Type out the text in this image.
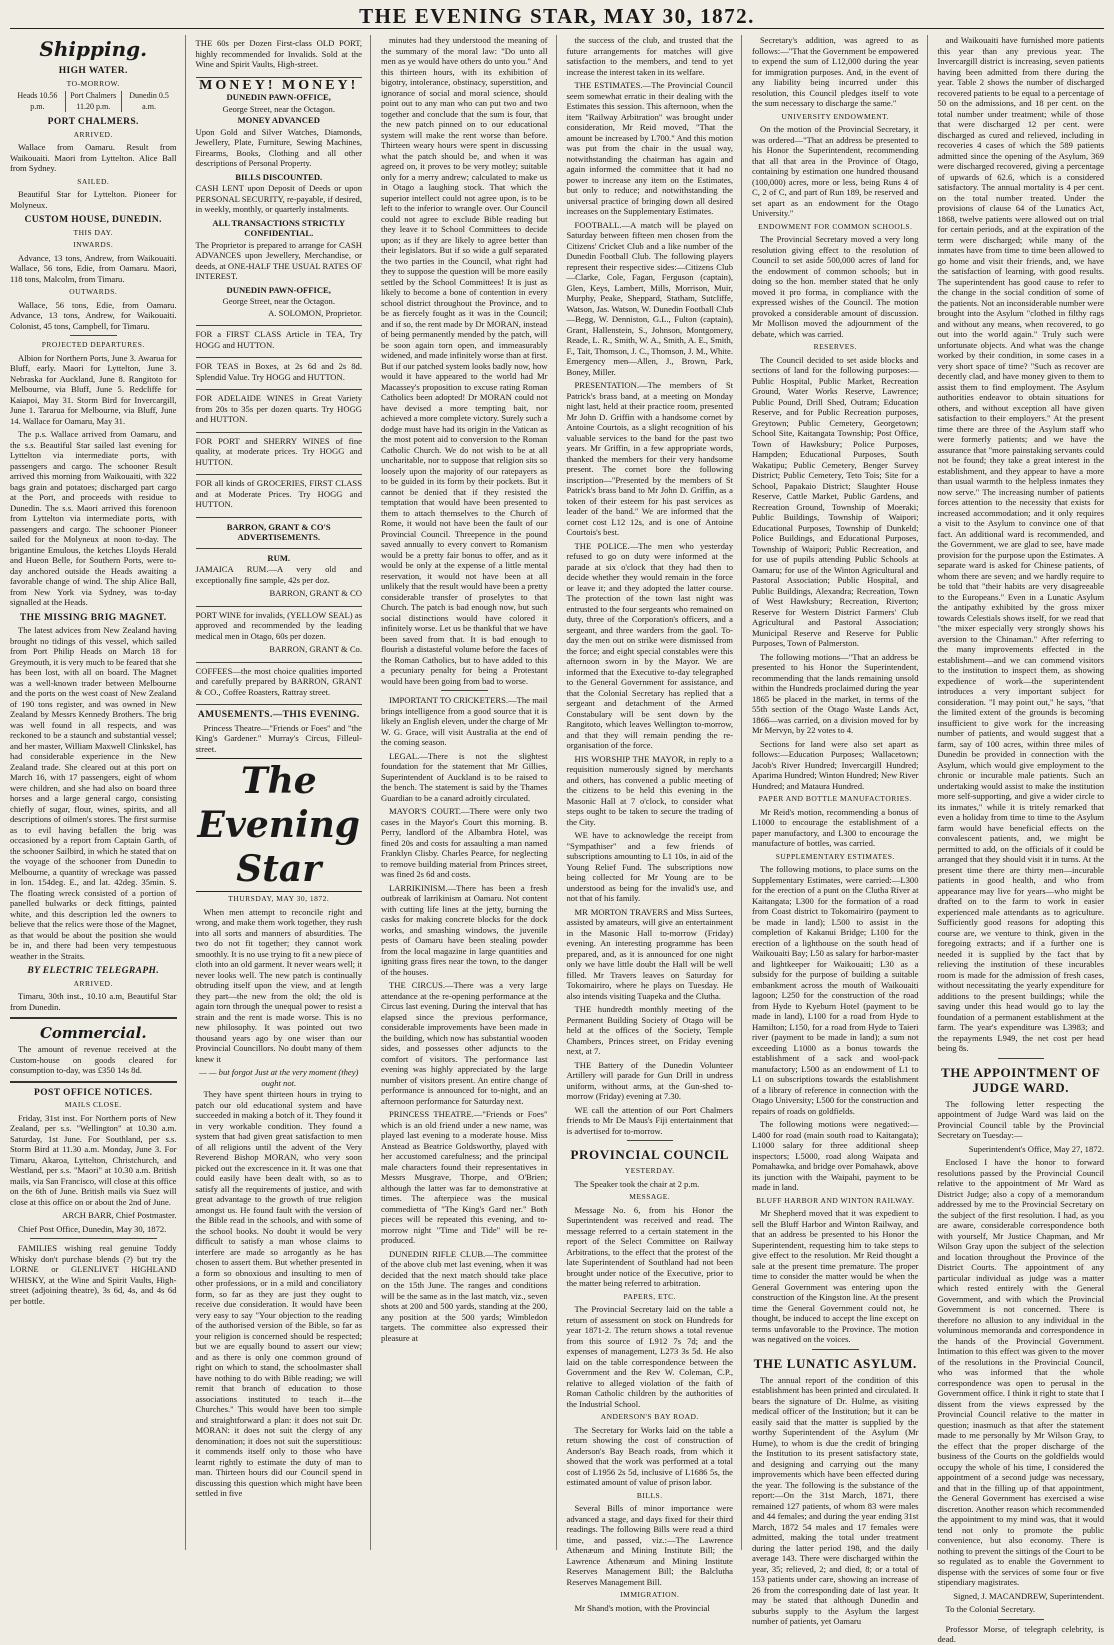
THE EVENING STAR, MAY 30, 1872.
Shipping.
HIGH WATER.
TO-MORROW.
Heads 10.56 p.m.
Port Chalmers 11.20 p.m.
Dunedin 0.5 a.m.
PORT CHALMERS.
ARRIVED.

Wallace from Oamaru. Result from Waikouaiti. Maori from Lyttelton. Alice Ball from Sydney.

SAILED.

Beautiful Star for Lyttelton. Pioneer for Molyneux.

CUSTOM HOUSE, DUNEDIN.
THIS DAY.
INWARDS.

Advance, 13 tons, Andrew, from Waikouaiti. Wallace, 56 tons, Edie, from Oamaru. Maori, 118 tons, Malcolm, from Timaru.

OUTWARDS.

Wallace, 56 tons, Edie, from Oamaru. Advance, 13 tons, Andrew, for Waikouaiti. Colonist, 45 tons, Campbell, for Timaru.

PROJECTED DEPARTURES.

Albion for Northern Ports, June 3. Awarua for Bluff, early. Maori for Lyttelton, June 3. Nebraska for Auckland, June 8. Rangitoto for Melbourne, via Bluff, June 5. Redcliffe for Kaiapoi, May 31. Storm Bird for Invercargill, June 1. Tararua for Melbourne, via Bluff, June 14. Wallace for Oamaru, May 31.

The p.s. Wallace arrived from Oamaru, and the s.s. Beautiful Star sailed last evening for Lyttelton via intermediate ports, with passengers and cargo. The schooner Result arrived this morning from Waikouaiti, with 322 bags grain and potatoes; discharged part cargo at the Port, and proceeds with residue to Dunedin. The s.s. Maori arrived this forenoon from Lyttelton via intermediate ports, with passengers and cargo. The schooner Pioneer sailed for the Molyneux at noon to-day. The brigantine Emulous, the ketches Lloyds Herald and Hueon Belle, for Southern Ports, were to-day anchored outside the Heads awaiting a favorable change of wind. The ship Alice Ball, from New York via Sydney, was to-day signalled at the Heads.

THE MISSING BRIG MAGNET.

The latest advices from New Zealand having brought no tidings of this vessel, which sailed from Port Philip Heads on March 18 for Greymouth, it is very much to be feared that she has been lost, with all on board. The Magnet was a well-known trader between Melbourne and the ports on the west coast of New Zealand of 190 tons register, and was owned in New Zealand by Messrs Kennedy Brothers. The brig was well found in all respects, and was reckoned to be a staunch and substantial vessel; and her master, William Maxwell Clinkskel, has had considerable experience in the New Zealand trade. She cleared out at this port on March 16, with 17 passengers, eight of whom were children, and she had also on board three horses and a large general cargo, consisting chiefly of sugar, flour, wines, spirits, and all descriptions of oilmen's stores. The first surmise as to evil having befallen the brig was occasioned by a report from Captain Garth, of the schooner Sailbird, in which he stated that on the voyage of the schooner from Dunedin to Melbourne, a quantity of wreckage was passed in lon. 154deg. E., and lat. 42deg. 35min. S. The floating wreck consisted of a portion of panelled bulwarks or deck fittings, painted white, and this description led the owners to believe that the relics were those of the Magnet, as that would be about the position she would be in, and there had been very tempestuous weather in the Straits.

BY ELECTRIC TELEGRAPH.
ARRIVED.

Timaru, 30th inst., 10.10 a.m, Beautiful Star from Dunedin.

Commercial.

The amount of revenue received at the Custom-house on goods cleared for consumption to-day, was £350 14s 8d.

POST OFFICE NOTICES.
MAILS CLOSE.

Friday, 31st inst. For Northern ports of New Zealand, per s.s. "Wellington" at 10.30 a.m. Saturday, 1st June. For Southland, per s.s. Storm Bird at 11.30 a.m. Monday, June 3. For Timaru, Akaroa, Lyttelton, Christchurch, and Westland, per s.s. "Maori" at 10.30 a.m. British mails, via San Francisco, will close at this office on the 6th of June. British mails via Suez will close at this office on or about the 2nd of June.

ARCH BARR, Chief Postmaster.

Chief Post Office, Dunedin, May 30, 1872.

FAMILIES wishing real genuine Toddy Whisky don't purchase blends (?) but try the LORNE or GLENLIVET HIGHLAND WHISKY, at the Wine and Spirit Vaults, High-street (adjoining theatre), 3s 6d, 4s, and 4s 6d per bottle.

THE 60s per Dozen First-class OLD PORT, highly recommended for Invalids. Sold at the Wine and Spirit Vaults, High-street.

MONEY! MONEY!

DUNEDIN PAWN-OFFICE,

George Street, near the Octagon.

MONEY ADVANCED

Upon Gold and Silver Watches, Diamonds, Jewellery, Plate, Furniture, Sewing Machines, Firearms, Books, Clothing and all other descriptions of Personal Property.

BILLS DISCOUNTED.

CASH LENT upon Deposit of Deeds or upon PERSONAL SECURITY, re-payable, if desired, in weekly, monthly, or quarterly instalments.

ALL TRANSACTIONS STRICTLY CONFIDENTIAL.

The Proprietor is prepared to arrange for CASH ADVANCES upon Jewellery, Merchandise, or deeds, at ONE-HALF THE USUAL RATES OF INTEREST.

DUNEDIN PAWN-OFFICE,

George Street, near the Octagon.

A. SOLOMON, Proprietor.

FOR a FIRST CLASS Article in TEA, Try HOGG and HUTTON.

FOR TEAS in Boxes, at 2s 6d and 2s 8d. Splendid Value. Try HOGG and HUTTON.

FOR ADELAIDE WINES in Great Variety from 20s to 35s per dozen quarts. Try HOGG and HUTTON.

FOR PORT and SHERRY WINES of fine quality, at moderate prices. Try HOGG and HUTTON.

FOR all kinds of GROCERIES, FIRST CLASS and at Moderate Prices. Try HOGG and HUTTON.

BARRON, GRANT & CO'S ADVERTISEMENTS.

RUM.

JAMAICA RUM.—A very old and exceptionally fine sample, 42s per doz.

BARRON, GRANT & CO

PORT WINE for invalids, (YELLOW SEAL) as approved and recommended by the leading medical men in Otago, 60s per dozen.

BARRON, GRANT & Co.

COFFEES—the most choice qualities imported and carefully prepared by BARRON, GRANT & CO., Coffee Roasters, Rattray street.

AMUSEMENTS.—THIS EVENING.

Princess Theatre—"Friends or Foes" and "the King's Gardener." Murray's Circus, Filleul-street.

The Evening Star
THURSDAY, MAY 30, 1872.

When men attempt to reconcile right and wrong, and make them work together, they rush into all sorts and manners of absurdities. The two do not fit together; they cannot work smoothly. It is no use trying to fit a new piece of cloth into an old garment. It never wears well; it never looks well. The new patch is continually obtruding itself upon the view, and at length they part—the new from the old; the old is again torn through the unequal power to resist a strain and the rent is made worse. This is no new philosophy. It was pointed out two thousand years ago by one wiser than our Provincial Councillors. No doubt many of them knew it

— — but forgot Just at the very moment (they) ought not.

They have spent thirteen hours in trying to patch our old educational system and have succeeded in making a botch of it. They found it in very workable condition. They found a system that had given great satisfaction to men of all religions until the advent of the Very Reverend Bishop MORAN, who very soon picked out the excrescence in it. It was one that could easily have been dealt with, so as to satisfy all the requirements of justice, and with great advantage to the growth of true religion amongst us. He found fault with the version of the Bible read in the schools, and with some of the school books. No doubt it would be very difficult to satisfy a man whose claims to interfere are made so arrogantly as he has chosen to assert them. But whether presented in a form so obnoxious and insulting to men of other professions, or in a mild and conciliatory form, so far as they are just they ought to receive due consideration. It would have been very easy to say "Your objection to the reading of the authorised version of the Bible, so far as your religion is concerned should be respected; but we are equally bound to assert our view; and as there is only one common ground of right on which to stand, the schoolmaster shall have nothing to do with Bible reading; we will remit that branch of education to those associations instituted to teach it—the Churches." This would have been too simple and straightforward a plan: it does not suit Dr. MORAN: it does not suit the clergy of any denomination; it does not suit the superstitious: it commends itself only to those who have learnt rightly to estimate the duty of man to man. Thirteen hours did our Council spend in discussing this question which might have been settled in five

minutes had they understood the meaning of the summary of the moral law: "Do unto all men as ye would have others do unto you." And this thirteen hours, with its exhibition of bigotry, intolerance, obstinacy, superstition, and ignorance of social and moral science, should point out to any man who can put two and two together and conclude that the sum is four, that the new patch pinned on to our educational system will make the rent worse than before. Thirteen weary hours were spent in discussing what the patch should be, and when it was agreed on, it proves to be very motley; suitable only for a merry andrew; calculated to make us in Otago a laughing stock. That which the superior intellect could not agree upon, is to be left to the inferior to wrangle over. Our Council could not agree to exclude Bible reading but they leave it to School Committees to decide upon; as if they are likely to agree better than their legislators. But if so wide a gulf separated the two parties in the Council, what right had they to suppose the question will be more easily settled by the School Committees! It is just as likely to become a bone of contention in every school district throughout the Province, and to be as fiercely fought as it was in the Council; and if so, the rent made by Dr MORAN, instead of being permanently mended by the patch, will be soon again torn open, and immeasurably widened, and made infinitely worse than at first. But if our patched system looks badly now, how would it have appeared to the world had Mr Macassey's proposition to excuse rating Roman Catholics been adopted! Dr MORAN could not have devised a more tempting bait, nor achieved a more complete victory. Surely such a dodge must have had its origin in the Vatican as the most potent aid to conversion to the Roman Catholic Church. We do not wish to be at all uncharitable, nor to suppose that religion sits so loosely upon the majority of our ratepayers as to be guided in its form by their pockets. But it cannot be denied that if they resisted the temptation that would have been presented to them to attach themselves to the Church of Rome, it would not have been the fault of our Provincial Council. Threepence in the pound saved annually to every convert to Romanism would be a pretty fair bonus to offer, and as it would be only at the expense of a little mental reservation, it would not have been at all unlikely that the result would have been a pretty considerable transfer of proselytes to that Church. The patch is bad enough now, but such social distinctions would have colored it infinitely worse. Let us be thankful that we have been saved from that. It is bad enough to flourish a distasteful volume before the faces of the Roman Catholics, but to have added to this a pecuniary penalty for being a Protestant would have been going from bad to worse.

IMPORTANT TO CRICKETERS.—The mail brings intelligence from a good source that it is likely an English eleven, under the charge of Mr W. G. Grace, will visit Australia at the end of the coming season.

LEGAL.—There is not the slightest foundation for the statement that Mr Gillies, Superintendent of Auckland is to be raised to the bench. The statement is said by the Thames Guardian to be a canard adroitly circulated.

MAYOR'S COURT.—There were only two cases in the Mayor's Court this morning. B. Perry, landlord of the Albambra Hotel, was fined 20s and costs for assaulting a man named Franklyn Clisby. Charles Pearce, for neglecting to remove building material from Princes street, was fined 2s 6d and costs.

LARRIKINISM.—There has been a fresh outbreak of larrikinism at Oamaru. Not content with cutting life lines at the jetty, burning the casks for making concrete blocks for the dock works, and smashing windows, the juvenile pests of Oamaru have been stealing powder from the local magazine in large quantities and igniting grass fires near the town, to the danger of the houses.

THE CIRCUS.—There was a very large attendance at the re-opening performance at the Circus last evening. During the interval that has elapsed since the previous performance, considerable improvements have been made in the building, which now has substantial wooden sides, and possesses other adjuncts to the comfort of visitors. The performance last evening was highly appreciated by the large number of visitors present. An entire change of performance is announced for to-night, and an afternoon performance for Saturday next.

PRINCESS THEATRE.—"Friends or Foes" which is an old friend under a new name, was played last evening to a moderate house. Miss Anstead as Beatrice Goldsworthy, played with her accustomed carefulness; and the principal male characters found their representatives in Messrs Musgrave, Thorpe, and O'Brien; although the latter was far to demonstrative at times. The afterpiece was the musical commedietta of "The King's Gard ner." Both pieces will be repeated this evening, and to-morrow night "Time and Tide" will be re-produced.

DUNEDIN RIFLE CLUB.—The committee of the above club met last evening, when it was decided that the next match should take place on the 15th June. The ranges and conditions will be the same as in the last match, viz., seven shots at 200 and 500 yards, standing at the 200, any position at the 500 yards; Wimbledon targets. The committee also expressed their pleasure at

the success of the club, and trusted that the future arrangements for matches will give satisfaction to the members, and tend to yet increase the interest taken in its welfare.

THE ESTIMATES.—The Provincial Council seem somewhat erratic in their dealing with the Estimates this session. This afternoon, when the item "Railway Arbitration" was brought under consideration, Mr Reid moved, "That the amount be increased by L700." And this motion was put from the chair in the usual way, notwithstanding the chairman has again and again informed the committee that it had no power to increase any item on the Estimates, but only to reduce; and notwithstanding the universal practice of bringing down all desired increases on the Supplementary Estimates.

FOOTBALL.—A match will be played on Saturday between fifteen men chosen from the Citizens' Cricket Club and a like number of the Dunedin Football Club. The following players represent their respective sides:—Citizens Club—Clarke, Cole, Fagan, Ferguson (captain), Glen, Keys, Lambert, Mills, Morrison, Muir, Murphy, Peake, Sheppard, Statham, Sutcliffe, Watson, Jas. Watson, W. Dunedin Football Club—Begg, W. Denniston, G.L., Fulton (captain), Grant, Hallenstein, S., Johnson, Montgomery, Reade, L. R., Smith, W. A., Smith, A. E., Smith, F., Tait, Thomson, J. C., Thomson, J. M., White. Emergency men—Allen, J., Brown, Park, Boney, Miller.

PRESENTATION.—The members of St Patrick's brass band, at a meeting on Monday night last, held at their practice room, presented Mr John D. Griffin with a handsome cornet by Antoine Courtois, as a slight recognition of his valuable services to the band for the past two years. Mr Griffin, in a few appropriate words, thanked the members for their very handsome present. The cornet bore the following inscription—"Presented by the members of St Patrick's brass band to Mr John D. Griffin, as a token of their esteem for his past services as leader of the band." We are informed that the cornet cost L12 12s, and is one of Antoine Courtois's best.

THE POLICE.—The men who yesterday refused to go on duty were informed at the parade at six o'clock that they had then to decide whether they would remain in the force or leave it; and they adopted the latter course. The protection of the town last night was entrusted to the four sergeants who remained on duty, three of the Corporation's officers, and a sergeant, and three warders from the gaol. To-day the men out on strike were dismissed from the force; and eight special constables were this afternoon sworn in by the Mayor. We are informed that the Executive to-day telegraphed to the General Government for assistance, and that the Colonial Secretary has replied that a sergeant and detachment of the Armed Constabulary will be sent down by the Rangitoto, which leaves Wellington to-morrow, and that they will remain pending the re-organisation of the force.

HIS WORSHIP THE MAYOR, in reply to a requisition numerously signed by merchants and others, has convened a public meeting of the citizens to be held this evening in the Masonic Hall at 7 o'clock, to consider what steps ought to be taken to secure the trading of the City.

WE have to acknowledge the receipt from "Sympathiser" and a few friends of subscriptions amounting to L1 10s, in aid of the Young Relief Fund. The subscriptions now being collected for Mr Young are to be understood as being for the invalid's use, and not that of his family.

MR MORTON TRAVERS and Miss Surtees, assisted by amateurs, will give an entertainment in the Masonic Hall to-morrow (Friday) evening. An interesting programme has been prepared, and, as it is announced for one night only we have little doubt the Hall will be well filled. Mr Travers leaves on Saturday for Tokomairiro, where he plays on Tuesday. He also intends visiting Tuapeka and the Clutha.

THE hundredth monthly meeting of the Permanent Building Society of Otago will be held at the offices of the Society, Temple Chambers, Princes street, on Friday evening next, at 7.

THE Battery of the Dunedin Volunteer Artillery will parade for Gun Drill in undress uniform, without arms, at the Gun-shed to-morrow (Friday) evening at 7.30.

WE call the attention of our Port Chalmers friends to Mr De Maus's Fiji entertainment that is advertised for to-morrow.

PROVINCIAL COUNCIL
YESTERDAY.

The Speaker took the chair at 2 p.m.

MESSAGE.

Message No. 6, from his Honor the Superintendent was received and read. The message referred to a certain statement in the report of the Select Committee on Railway Arbitrations, to the effect that the protest of the late Superintendent of Southland had not been brought under notice of the Executive, prior to the matter being referred to arbitration.

PAPERS, ETC.

The Provincial Secretary laid on the table a return of assessment on stock on Hundreds for year 1871-2. The return shows a total revenue from this source of L912 7s 7d; and the expenses of management, L273 3s 5d. He also laid on the table correspondence between the Government and the Rev W. Coleman, C.P., relative to alleged violation of the faith of Roman Catholic children by the authorities of the Industrial School.

ANDERSON'S BAY ROAD.

The Secretary for Works laid on the table a return showing the cost of construction of Anderson's Bay Beach roads, from which it showed that the work was performed at a total cost of L1956 2s 5d, inclusive of L1686 5s, the estimated amount of value of prison labor.

BILLS.

Several Bills of minor importance were advanced a stage, and days fixed for their third readings. The following Bills were read a third time, and passed, viz.:—The Lawrence Athenæum and Mining Institute Bill; the Lawrence Athenæum and Mining Institute Reserves Management Bill; the Balclutha Reserves Management Bill.

IMMIGRATION.

Mr Shand's motion, with the Provincial

Secretary's addition, was agreed to as follows:—"That the Government be empowered to expend the sum of L12,000 during the year for immigration purposes. And, in the event of any liability being incurred under this resolution, this Council pledges itself to vote the sum necessary to discharge the same."

UNIVERSITY ENDOWMENT.

On the motion of the Provincial Secretary, it was ordered—"That an address be presented to his Honor the Superintendent, recommending that all that area in the Province of Otago, containing by estimation one hundred thousand (100,000) acres, more or less, being Runs 4 of C, 2 of C, and part of Run 189, be reserved and set apart as an endowment for the Otago University."

ENDOWMENT FOR COMMON SCHOOLS.

The Provincial Secretary moved a very long resolution giving effect to the resolution of Council to set aside 500,000 acres of land for the endowment of common schools; but in doing so the hon. member stated that he only moved it pro forma, in compliance with the expressed wishes of the Council. The motion provoked a considerable amount of discussion. Mr Mollison moved the adjournment of the debate, which was carried.

RESERVES.

The Council decided to set aside blocks and sections of land for the following purposes:—Public Hospital, Public Market, Recreation Ground, Water Works Reserve, Lawrence; Public Pound, Drill Shed, Outram; Education Reserve, and for Public Recreation purposes, Greytown; Public Cemetery, Georgetown; School Site, Kaitangata Township; Post Office, Town of Hawksbury; Police Purposes, Hampden; Educational Purposes, South Wakatipu; Public Cemetery, Benger Survey District; Public Cemetery, Teto Tois; Site for a School, Papakaio District; Slaughter House Reserve, Cattle Market, Public Gardens, and Recreation Ground, Township of Moeraki; Public Buildings, Township of Waipori; Educational Purposes, Township of Dunkeld; Police Buildings, and Educational Purposes, Township of Waipori; Public Recreation, and for use of pupils attending Public Schools at Oamaru; for use of the Winton Agricultural and Pastoral Association; Public Hospital, and Public Buildings, Alexandra; Recreation, Town of West Hawksbury; Recreation, Riverton; Reserve for Western District Farmers' Club Agricultural and Pastoral Association; Municipal Reserve and Reserve for Public Purposes, Town of Palmerston.

The following motions—"That an address be presented to his Honor the Superintendent, recommending that the lands remaining unsold within the Hundreds proclaimed during the year 1865 be placed in the market, in terms of the 55th section of the Otago Waste Lands Act, 1866—was carried, on a division moved for by Mr Mervyn, by 22 votes to 4.

Sections for land were also set apart as follows:—Education Purposes; Wallacetown; Jacob's River Hundred; Invercargill Hundred; Aparima Hundred; Winton Hundred; New River Hundred; and Mataura Hundred.

PAPER AND BOTTLE MANUFACTORIES.

Mr Reid's motion, recommending a bonus of L1000 to encourage the establishment of a paper manufactory, and L300 to encourage the manufacture of bottles, was carried.

SUPPLEMENTARY ESTIMATES.

The following motions, to place sums on the Supplementary Estimates, were carried:—L300 for the erection of a punt on the Clutha River at Kaitangata; L300 for the formation of a road from Coast district to Tokomairiro (payment to be made in land); L500 to assist in the completion of Kakanui Bridge; L100 for the erection of a lighthouse on the south head of Waikouaiti Bay; L50 as salary for harbor-master and lightkeeper for Waikouaiti; L30 as a subsidy for the purpose of building a suitable embankment across the mouth of Waikouaiti lagoon; L250 for the construction of the road from Hyde to Kyeburn Hotel (payment to be made in land), L100 for a road from Hyde to Hamilton; L150, for a road from Hyde to Taieri river (payment to be made in land); a sum not exceeding L1000 as a bonus towards the establishment of a sack and wool-pack manufactory; L500 as an endowment of L1 to L1 on subscriptions towards the establishment of a library of reference in connection with the Otago University; L500 for the construction and repairs of roads on goldfields.

The following motions were negatived:—L400 for road (main south road to Kaitangata); L1000 salary for three additional sheep inspectors; L5000, road along Waipata and Pomahawka, and bridge over Pomahawk, above its junction with the Waipahi, payment to be made in land.

BLUFF HARBOR AND WINTON RAILWAY.

Mr Shepherd moved that it was expedient to sell the Bluff Harbor and Winton Railway, and that an address be presented to his Honor the Superintendent, requesting him to take steps to give effect to the resolution. Mr Reid thought a sale at the present time premature. The proper time to consider the matter would be when the General Government was entering upon the construction of the Kingston line. At the present time the General Government could not, he thought, be induced to accept the line except on terms unfavorable to the Province. The motion was negatived on the voices.

THE LUNATIC ASYLUM.

The annual report of the condition of this establishment has been printed and circulated. It bears the signature of Dr. Hulme, as visiting medical officer of the Institution; but it can be easily said that the matter is supplied by the worthy Superintendent of the Asylum (Mr Hume), to whom is due the credit of bringing the Institution to its present satisfactory state, and designing and carrying out the many improvements which have been effected during the year. The following is the substance of the report:—On the 31st March, 1871, there remained 127 patients, of whom 83 were males and 44 females; and during the year ending 31st March, 1872 54 males and 17 females were admitted, making the total under treatment during the latter period 198, and the daily average 143. There were discharged within the year, 35; relieved, 2; and died, 8; or a total of 153 patients under care, showing an increase of 26 from the corresponding date of last year. It may be stated that although Dunedin and suburbs supply to the Asylum the largest number of patients, yet Oamaru

and Waikouaiti have furnished more patients this year than any previous year. The Invercargill district is increasing, seven patients having been admitted from there during the year. Table 2 shows the number of discharged recovered patients to be equal to a percentage of 50 on the admissions, and 18 per cent. on the total number under treatment; while of those that were discharged 12 per cent. were discharged as cured and relieved, including in recoveries 4 cases of which the 589 patients admitted since the opening of the Asylum, 369 were discharged recovered, giving a percentage of upwards of 62.6, which is a considered satisfactory. The annual mortality is 4 per cent. on the total number treated. Under the provisions of clause 64 of the Lunatics Act, 1868, twelve patients were allowed out on trial for certain periods, and at the expiration of the term were discharged; while many of the inmates have from time to time been allowed to go home and visit their friends, and, we have the satisfaction of learning, with good results. The superintendent has good cause to refer to the change in the social condition of some of the patients. Not an inconsiderable number were brought into the Asylum "clothed in filthy rags and without any means, when recovered, to go out into the world again." Truly such were unfortunate objects. And what was the change worked by their condition, in some cases in a very short space of time? "Such as recover are decently clad, and have money given to them to assist them to find employment. The Asylum authorities endeavor to obtain situations for others, and without exception all have given satisfaction to their employers." At the present time there are three of the Asylum staff who were formerly patients; and we have the assurance that "more painstaking servants could not be found; they take a great interest in the establishment, and they appear to have a more than usual warmth to the helpless inmates they now serve." The increasing number of patients forces attention to the necessity that exists for increased accommodation; and it only requires a visit to the Asylum to convince one of that fact. An additional ward is recommended, and the Government, we are glad to see, have made provision for the purpose upon the Estimates. A separate ward is asked for Chinese patients, of whom there are seven; and we hardly require to be told that "their habits are very disagreeable to the Europeans." Even in a Lunatic Asylum the antipathy exhibited by the gross mixer towards Celestials shows itself, for we read that "the mixer especially very strongly shows his aversion to the Chinaman." After referring to the many improvements effected in the establishment—and we can commend visitors to the institution to inspect them, as showing expedience of work—the superintendent introduces a very important subject for consideration. "I may point out," he says, "that the limited extent of the grounds is becoming insufficient to give work for the increasing number of patients, and would suggest that a farm, say of 100 acres, within three miles of Dunedin be provided in connection with the Asylum, which would give employment to the chronic or incurable male patients. Such an undertaking would assist to make the institution more self-supporting, and give a wider circle to its inmates," while it is tritely remarked that even a holiday from time to time to the Asylum farm would have beneficial effects on the convalescent patients, and, we might be permitted to add, on the officials of it could be arranged that they should visit it in turns. At the present time there are thirty men—incurable patients in good health, and who from appearance may live for years—who might be drafted on to the farm to work in easier experienced male attendants as to agriculture. Sufficiently good reasons for adopting this course are, we venture to think, given in the foregoing extracts; and if a further one is needed it is supplied by the fact that by relieving the institution of these incurables room is made for the admission of fresh cases, without necessitating the yearly expenditure for additions to the present buildings; while the saving under this head would go to lay the foundation of a permanent establishment at the farm. The year's expenditure was L3983; and the repayments L949, the net cost per head being 8s.

THE APPOINTMENT OF JUDGE WARD.

The following letter respecting the appointment of Judge Ward was laid on the Provincial Council table by the Provincial Secretary on Tuesday:—

Superintendent's Office, May 27, 1872.

Enclosed I have the honor to forward resolutions passed by the Provincial Council relative to the appointment of Mr Ward as District Judge; also a copy of a memorandum addressed by me to the Provincial Secretary on the subject of the first resolution. I had, as you are aware, considerable correspondence both with yourself, Mr Justice Chapman, and Mr Wilson Gray upon the subject of the selection and location throughout the Province of the District Courts. The appointment of any particular individual as judge was a matter which rested entirely with the General Government, and with which the Provincial Government is not concerned. There is therefore no allusion to any individual in the voluminous memoranda and correspondence in the hands of the Provincial Government. Intimation to this effect was given to the mover of the resolutions in the Provincial Council, who was informed that the whole correspondence was open to perusal in the Government office. I think it right to state that I dissent from the views expressed by the Provincial Council relative to the matter in question; inasmuch as that after the statement made to me personally by Mr Wilson Gray, to the effect that the proper discharge of the business of the Courts on the goldfields would occupy the whole of his time, I considered the appointment of a second judge was necessary, and that in the filling up of that appointment, the General Government has exercised a wise discretion. Another reason which recommended the appointment to my mind was, that it would tend not only to promote the public convenience, but also economy. There is nothing to prevent the sittings of the Court to be so regulated as to enable the Government to dispense with the services of some four or five stipendiary magistrates.

Signed, J. MACANDREW, Superintendent.

To the Colonial Secretary.

Professor Morse, of telegraph celebrity, is dead.
